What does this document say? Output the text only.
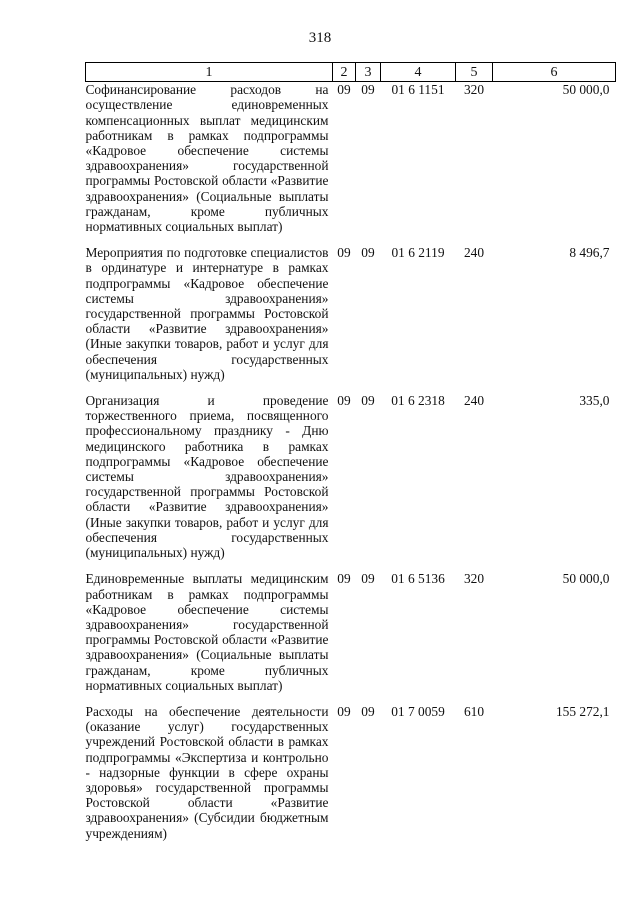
318
1	2	3	4	5	6
Софинансирование расходов на осуществление единовременных компенсационных выплат медицинским работникам в рамках подпрограммы «Кадровое обеспечение системы здравоохранения» государственной программы Ростовской области «Развитие здравоохранения» (Социальные выплаты гражданам, кроме публичных нормативных социальных выплат)	09	09	01 6 1151	320	50 000,0
Мероприятия по подготовке специалистов в ординатуре и интернатуре в рамках подпрограммы «Кадровое обеспечение системы здравоохранения» государственной программы Ростовской области «Развитие здравоохранения» (Иные закупки товаров, работ и услуг для обеспечения государственных (муниципальных) нужд)	09	09	01 6 2119	240	8 496,7
Организация и проведение торжественного приема, посвященного профессиональному празднику - Дню медицинского работника в рамках подпрограммы «Кадровое обеспечение системы здравоохранения» государственной программы Ростовской области «Развитие здравоохранения» (Иные закупки товаров, работ и услуг для обеспечения государственных (муниципальных) нужд)	09	09	01 6 2318	240	335,0
Единовременные выплаты медицинским работникам в рамках подпрограммы «Кадровое обеспечение системы здравоохранения» государственной программы Ростовской области «Развитие здравоохранения» (Социальные выплаты гражданам, кроме публичных нормативных социальных выплат)	09	09	01 6 5136	320	50 000,0
Расходы на обеспечение деятельности (оказание услуг) государственных учреждений Ростовской области в рамках подпрограммы «Экспертиза и контрольно - надзорные функции в сфере охраны здоровья» государственной программы Ростовской области «Развитие здравоохранения» (Субсидии бюджетным учреждениям)	09	09	01 7 0059	610	155 272,1
